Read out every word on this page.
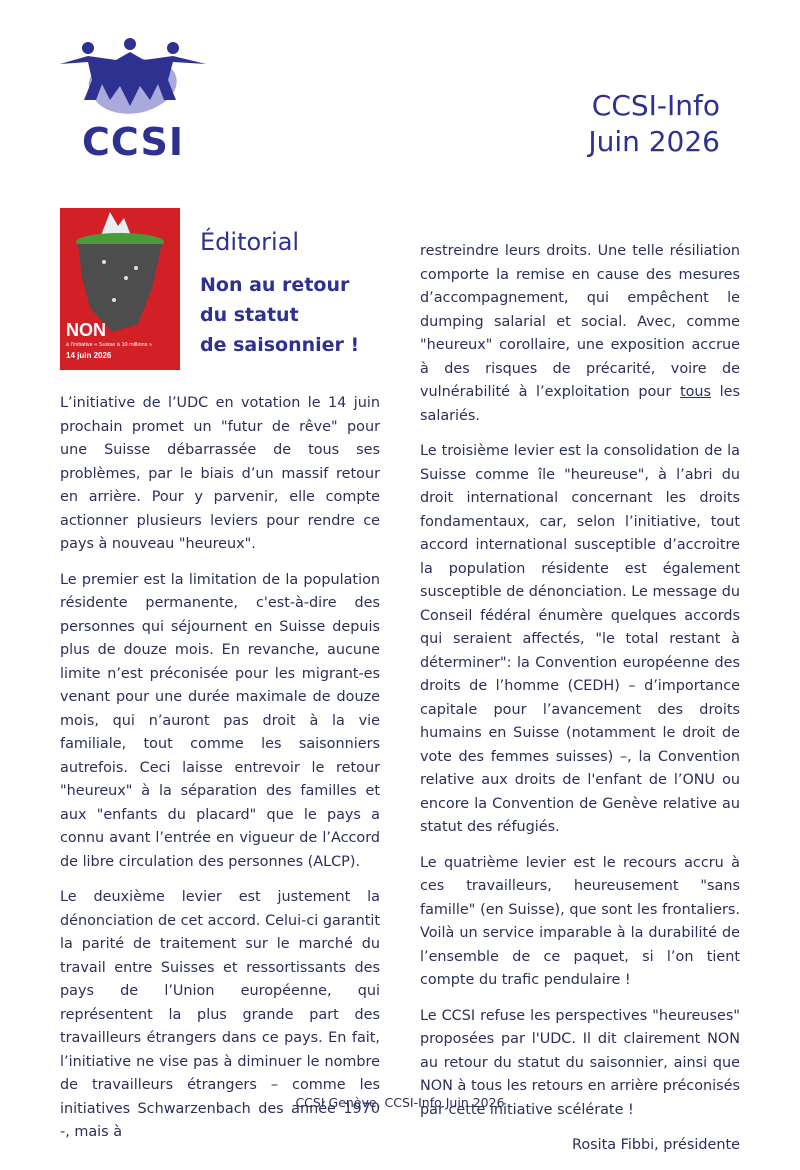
CCSI
CCSI-Info
Juin 2026
NON
à l'initiative « Suisse à 10 millions »
14 juin 2026
Éditorial
Non au retour
du statut
de saisonnier !

L’initiative de l’UDC en votation le 14 juin prochain promet un "futur de rêve" pour une Suisse débarrassée de tous ses problèmes, par le biais d’un massif retour en arrière. Pour y parvenir, elle compte actionner plusieurs leviers pour rendre ce pays à nouveau "heureux".

Le premier est la limitation de la population résidente permanente, c'est-à-dire des personnes qui séjournent en Suisse depuis plus de douze mois. En revanche, aucune limite n’est préconisée pour les migrant-es venant pour une durée maximale de douze mois, qui n’auront pas droit à la vie familiale, tout comme les saisonniers autrefois. Ceci laisse entrevoir le retour "heureux" à la séparation des familles et aux "enfants du placard" que le pays a connu avant l’entrée en vigueur de l’Accord de libre circulation des personnes (ALCP).

Le deuxième levier est justement la dénonciation de cet accord. Celui-ci garantit la parité de traitement sur le marché du travail entre Suisses et ressortissants des pays de l’Union européenne, qui représentent la plus grande part des travailleurs étrangers dans ce pays. En fait, l’initiative ne vise pas à diminuer le nombre de travailleurs étrangers – comme les initiatives Schwarzenbach des année 1970 -, mais à

restreindre leurs droits. Une telle résiliation comporte la remise en cause des mesures d’accompagnement, qui empêchent le dumping salarial et social. Avec, comme "heureux" corollaire, une exposition accrue à des risques de précarité, voire de vulnérabilité à l’exploitation pour tous les salariés.

Le troisième levier est la consolidation de la Suisse comme île "heureuse", à l’abri du droit international concernant les droits fondamentaux, car, selon l’initiative, tout accord international susceptible d’accroitre la population résidente est également susceptible de dénonciation. Le message du Conseil fédéral énumère quelques accords qui seraient affectés, "le total restant à déterminer": la Convention européenne des droits de l’homme (CEDH) – d’importance capitale pour l’avancement des droits humains en Suisse (notamment le droit de vote des femmes suisses) –, la Convention relative aux droits de l'enfant de l’ONU ou encore la Convention de Genève relative au statut des réfugiés.

Le quatrième levier est le recours accru à ces travailleurs, heureusement "sans famille" (en Suisse), que sont les frontaliers. Voilà un service imparable à la durabilité de l’ensemble de ce paquet, si l’on tient compte du trafic pendulaire !

Le CCSI refuse les perspectives "heureuses" proposées par l'UDC. Il dit clairement NON au retour du statut du saisonnier, ainsi que NON à tous les retours en arrière préconisés par cette initiative scélérate !

Rosita Fibbi, présidente

CCSI Genève, CCSI-Info Juin 2026
